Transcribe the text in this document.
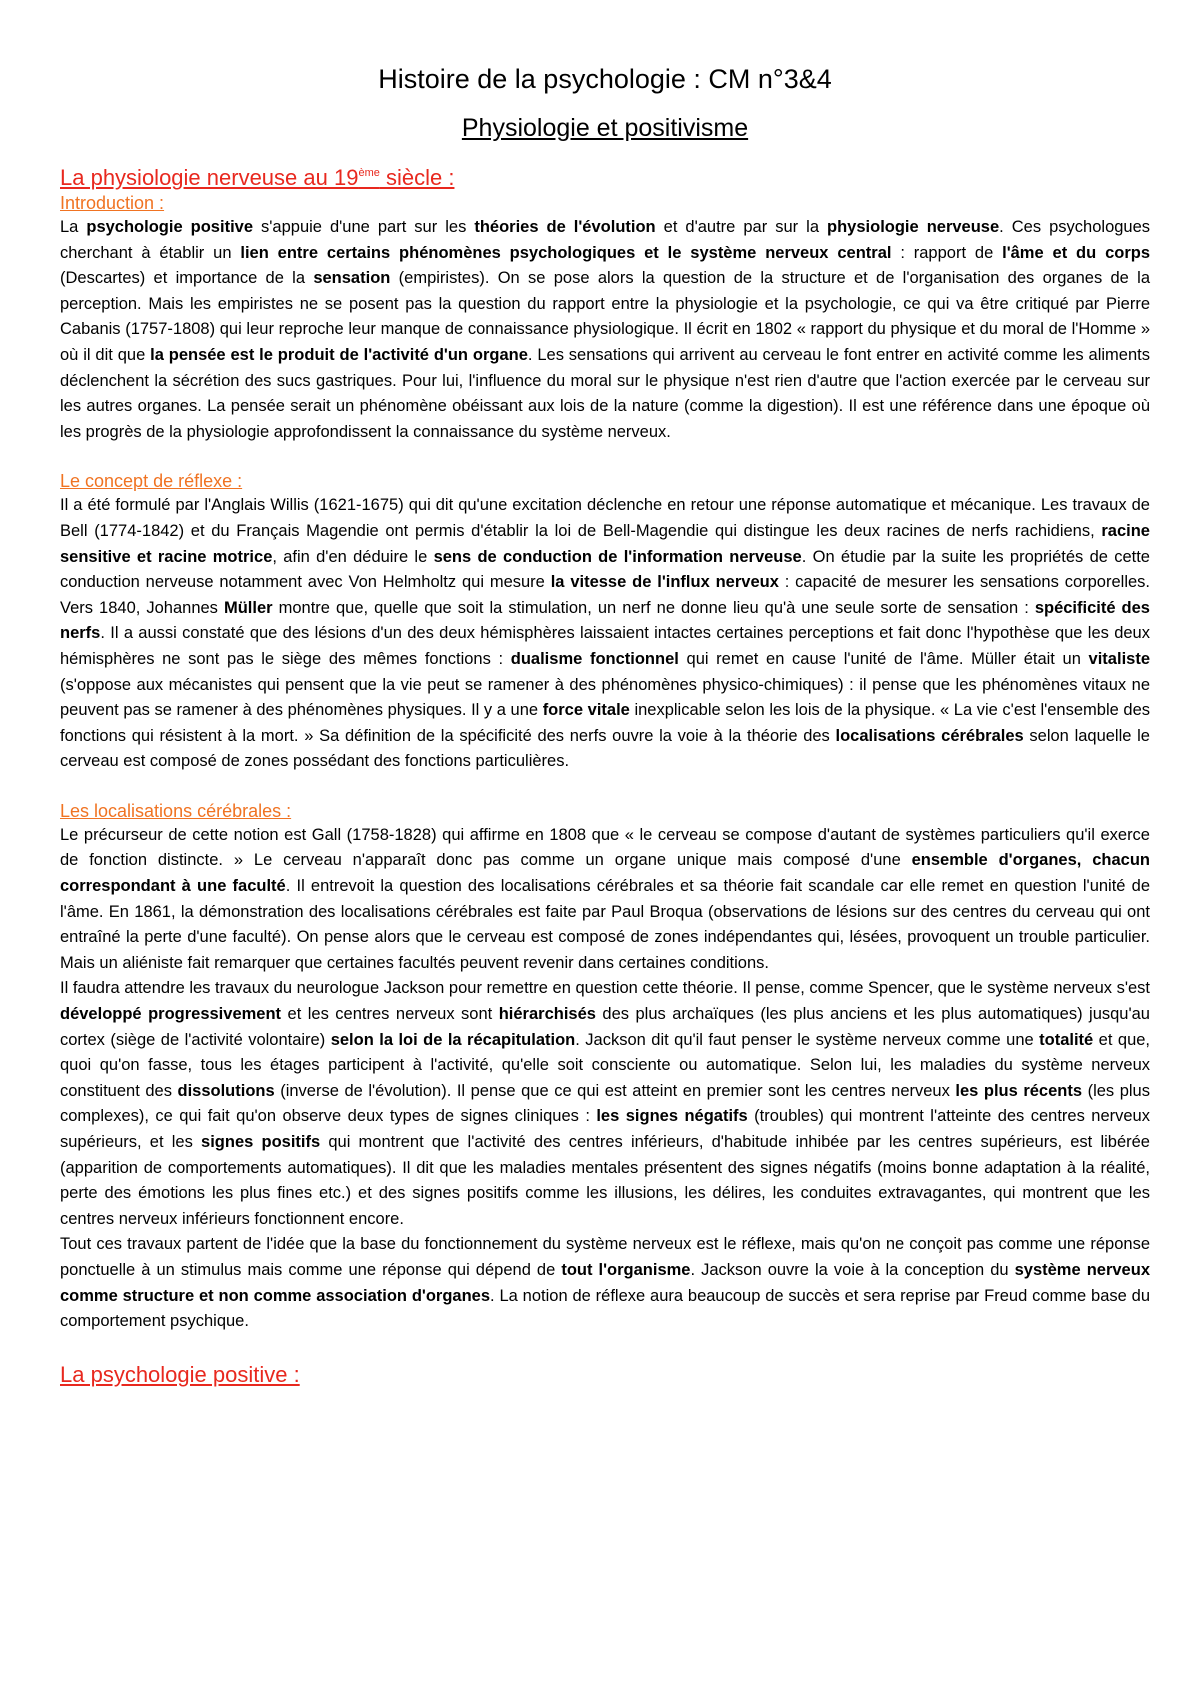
Histoire de la psychologie : CM n°3&4
Physiologie et positivisme
La physiologie nerveuse au 19ème siècle :
Introduction :

La psychologie positive s'appuie d'une part sur les théories de l'évolution et d'autre par sur la physiologie nerveuse. Ces psychologues cherchant à établir un lien entre certains phénomènes psychologiques et le système nerveux central : rapport de l'âme et du corps (Descartes) et importance de la sensation (empiristes). On se pose alors la question de la structure et de l'organisation des organes de la perception. Mais les empiristes ne se posent pas la question du rapport entre la physiologie et la psychologie, ce qui va être critiqué par Pierre Cabanis (1757-1808) qui leur reproche leur manque de connaissance physiologique. Il écrit en 1802 « rapport du physique et du moral de l'Homme » où il dit que la pensée est le produit de l'activité d'un organe. Les sensations qui arrivent au cerveau le font entrer en activité comme les aliments déclenchent la sécrétion des sucs gastriques. Pour lui, l'influence du moral sur le physique n'est rien d'autre que l'action exercée par le cerveau sur les autres organes. La pensée serait un phénomène obéissant aux lois de la nature (comme la digestion). Il est une référence dans une époque où les progrès de la physiologie approfondissent la connaissance du système nerveux.

Le concept de réflexe :

Il a été formulé par l'Anglais Willis (1621-1675) qui dit qu'une excitation déclenche en retour une réponse automatique et mécanique. Les travaux de Bell (1774-1842) et du Français Magendie ont permis d'établir la loi de Bell-Magendie qui distingue les deux racines de nerfs rachidiens, racine sensitive et racine motrice, afin d'en déduire le sens de conduction de l'information nerveuse. On étudie par la suite les propriétés de cette conduction nerveuse notamment avec Von Helmholtz qui mesure la vitesse de l'influx nerveux : capacité de mesurer les sensations corporelles. Vers 1840, Johannes Müller montre que, quelle que soit la stimulation, un nerf ne donne lieu qu'à une seule sorte de sensation : spécificité des nerfs. Il a aussi constaté que des lésions d'un des deux hémisphères laissaient intactes certaines perceptions et fait donc l'hypothèse que les deux hémisphères ne sont pas le siège des mêmes fonctions : dualisme fonctionnel qui remet en cause l'unité de l'âme. Müller était un vitaliste (s'oppose aux mécanistes qui pensent que la vie peut se ramener à des phénomènes physico-chimiques) : il pense que les phénomènes vitaux ne peuvent pas se ramener à des phénomènes physiques. Il y a une force vitale inexplicable selon les lois de la physique. « La vie c'est l'ensemble des fonctions qui résistent à la mort. » Sa définition de la spécificité des nerfs ouvre la voie à la théorie des localisations cérébrales selon laquelle le cerveau est composé de zones possédant des fonctions particulières.

Les localisations cérébrales :

Le précurseur de cette notion est Gall (1758-1828) qui affirme en 1808 que « le cerveau se compose d'autant de systèmes particuliers qu'il exerce de fonction distincte. » Le cerveau n'apparaît donc pas comme un organe unique mais composé d'une ensemble d'organes, chacun correspondant à une faculté. Il entrevoit la question des localisations cérébrales et sa théorie fait scandale car elle remet en question l'unité de l'âme. En 1861, la démonstration des localisations cérébrales est faite par Paul Broqua (observations de lésions sur des centres du cerveau qui ont entraîné la perte d'une faculté). On pense alors que le cerveau est composé de zones indépendantes qui, lésées, provoquent un trouble particulier. Mais un aliéniste fait remarquer que certaines facultés peuvent revenir dans certaines conditions.

Il faudra attendre les travaux du neurologue Jackson pour remettre en question cette théorie. Il pense, comme Spencer, que le système nerveux s'est développé progressivement et les centres nerveux sont hiérarchisés des plus archaïques (les plus anciens et les plus automatiques) jusqu'au cortex (siège de l'activité volontaire) selon la loi de la récapitulation. Jackson dit qu'il faut penser le système nerveux comme une totalité et que, quoi qu'on fasse, tous les étages participent à l'activité, qu'elle soit consciente ou automatique. Selon lui, les maladies du système nerveux constituent des dissolutions (inverse de l'évolution). Il pense que ce qui est atteint en premier sont les centres nerveux les plus récents (les plus complexes), ce qui fait qu'on observe deux types de signes cliniques : les signes négatifs (troubles) qui montrent l'atteinte des centres nerveux supérieurs, et les signes positifs qui montrent que l'activité des centres inférieurs, d'habitude inhibée par les centres supérieurs, est libérée (apparition de comportements automatiques). Il dit que les maladies mentales présentent des signes négatifs (moins bonne adaptation à la réalité, perte des émotions les plus fines etc.) et des signes positifs comme les illusions, les délires, les conduites extravagantes, qui montrent que les centres nerveux inférieurs fonctionnent encore.

Tout ces travaux partent de l'idée que la base du fonctionnement du système nerveux est le réflexe, mais qu'on ne conçoit pas comme une réponse ponctuelle à un stimulus mais comme une réponse qui dépend de tout l'organisme. Jackson ouvre la voie à la conception du système nerveux comme structure et non comme association d'organes. La notion de réflexe aura beaucoup de succès et sera reprise par Freud comme base du comportement psychique.

La psychologie positive :
